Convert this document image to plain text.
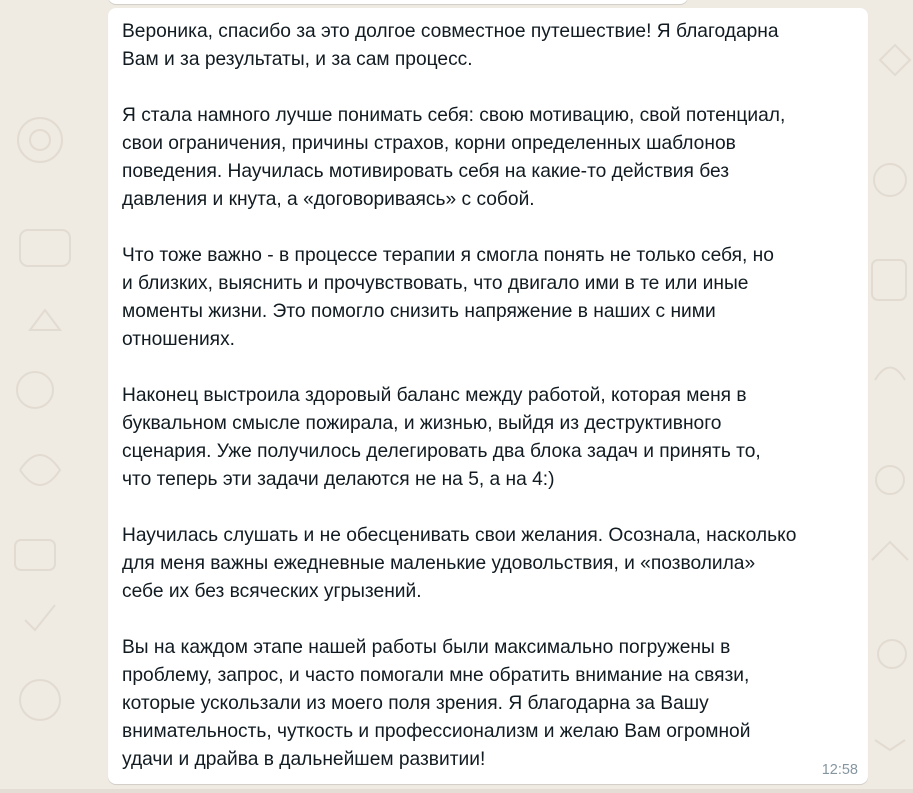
Вероника, спасибо за это долгое совместное путешествие! Я благодарна
Вам и за результаты, и за сам процесс.

Я стала намного лучше понимать себя: свою мотивацию, свой потенциал,
свои ограничения, причины страхов, корни определенных шаблонов
поведения. Научилась мотивировать себя на какие-то действия без
давления и кнута, а «договориваясь» с собой.

Что тоже важно - в процессе терапии я смогла понять не только себя, но
и близких, выяснить и прочувствовать, что двигало ими в те или иные
моменты жизни. Это помогло снизить напряжение в наших с ними
отношениях.

Наконец выстроила здоровый баланс между работой, которая меня в
буквальном смысле пожирала, и жизнью, выйдя из деструктивного
сценария. Уже получилось делегировать два блока задач и принять то,
что теперь эти задачи делаются не на 5, а на 4:)

Научилась слушать и не обесценивать свои желания. Осознала, насколько
для меня важны ежедневные маленькие удовольствия, и «позволила»
себе их без всяческих угрызений.

Вы на каждом этапе нашей работы были максимально погружены в
проблему, запрос, и часто помогали мне обратить внимание на связи,
которые ускользали из моего поля зрения. Я благодарна за Вашу
внимательность, чуткость и профессионализм и желаю Вам огромной
удачи и драйва в дальнейшем развитии!	12:58
